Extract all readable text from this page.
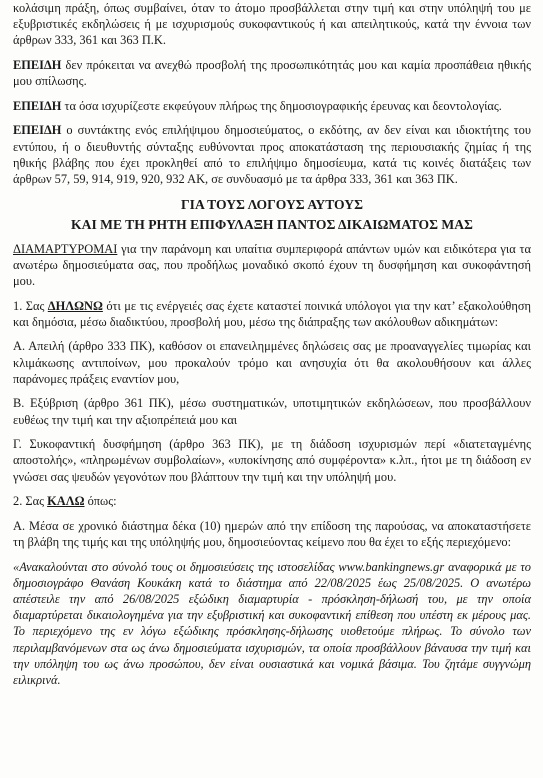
κολάσιμη πράξη, όπως συμβαίνει, όταν το άτομο προσβάλλεται στην τιμή και στην υπόληψή του με εξυβριστικές εκδηλώσεις ή με ισχυρισμούς συκοφαντικούς ή και απειλητικούς, κατά την έννοια των άρθρων 333, 361 και 363 Π.Κ.

ΕΠΕΙΔΗ δεν πρόκειται να ανεχθώ προσβολή της προσωπικότητάς μου και καμία προσπάθεια ηθικής μου σπίλωσης.

ΕΠΕΙΔΗ τα όσα ισχυρίζεστε εκφεύγουν πλήρως της δημοσιογραφικής έρευνας και δεοντολογίας.

ΕΠΕΙΔΗ ο συντάκτης ενός επιλήψιμου δημοσιεύματος, ο εκδότης, αν δεν είναι και ιδιοκτήτης του εντύπου, ή ο διευθυντής σύνταξης ευθύνονται προς αποκατάσταση της περιουσιακής ζημίας ή της ηθικής βλάβης που έχει προκληθεί από το επιλήψιμο δημοσίευμα, κατά τις κοινές διατάξεις των άρθρων 57, 59, 914, 919, 920, 932 ΑΚ, σε συνδυασμό με τα άρθρα 333, 361 και 363 ΠΚ.

ΓΙΑ ΤΟΥΣ ΛΟΓΟΥΣ ΑΥΤΟΥΣ
ΚΑΙ ΜΕ ΤΗ ΡΗΤΗ ΕΠΙΦΥΛΑΞΗ ΠΑΝΤΟΣ ΔΙΚΑΙΩΜΑΤΟΣ ΜΑΣ

ΔΙΑΜΑΡΤΥΡΟΜΑΙ για την παράνομη και υπαίτια συμπεριφορά απάντων υμών και ειδικότερα για τα ανωτέρω δημοσιεύματα σας, που προδήλως μοναδικό σκοπό έχουν τη δυσφήμηση και συκοφάντησή μου.

1. Σας ΔΗΛΩΝΩ ότι με τις ενέργειές σας έχετε καταστεί ποινικά υπόλογοι για την κατ’ εξακολούθηση και δημόσια, μέσω διαδικτύου, προσβολή μου, μέσω της διάπραξης των ακόλουθων αδικημάτων:

Α. Απειλή (άρθρο 333 ΠΚ), καθόσον οι επανειλημμένες δηλώσεις σας με προαναγγελίες τιμωρίας και κλιμάκωσης αντιποίνων, μου προκαλούν τρόμο και ανησυχία ότι θα ακολουθήσουν και άλλες παράνομες πράξεις εναντίον μου,

Β. Εξύβριση (άρθρο 361 ΠΚ), μέσω συστηματικών, υποτιμητικών εκδηλώσεων, που προσβάλλουν ευθέως την τιμή και την αξιοπρέπειά μου και

Γ. Συκοφαντική δυσφήμηση (άρθρο 363 ΠΚ), με τη διάδοση ισχυρισμών περί «διατεταγμένης αποστολής», «πληρωμένων συμβολαίων», «υποκίνησης από συμφέροντα» κ.λπ., ήτοι με τη διάδοση εν γνώσει σας ψευδών γεγονότων που βλάπτουν την τιμή και την υπόληψή μου.

2. Σας ΚΑΛΩ όπως:

Α. Μέσα σε χρονικό διάστημα δέκα (10) ημερών από την επίδοση της παρούσας, να αποκαταστήσετε τη βλάβη της τιμής και της υπόληψής μου, δημοσιεύοντας κείμενο που θα έχει το εξής περιεχόμενο:

«Ανακαλούνται στο σύνολό τους οι δημοσιεύσεις της ιστοσελίδας www.bankingnews.gr αναφορικά με το δημοσιογράφο Θανάση Κουκάκη κατά το διάστημα από 22/08/2025 έως 25/08/2025. Ο ανωτέρω απέστειλε την από 26/08/2025 εξώδικη διαμαρτυρία - πρόσκληση-δήλωσή του, με την οποία διαμαρτύρεται δικαιολογημένα για την εξυβριστική και συκοφαντική επίθεση που υπέστη εκ μέρους μας. Το περιεχόμενο της εν λόγω εξώδικης πρόσκλησης-δήλωσης υιοθετούμε πλήρως. Το σύνολο των περιλαμβανόμενων στα ως άνω δημοσιεύματα ισχυρισμών, τα οποία προσβάλλουν βάναυσα την τιμή και την υπόληψη του ως άνω προσώπου, δεν είναι ουσιαστικά και νομικά βάσιμα. Του ζητάμε συγγνώμη ειλικρινά.
